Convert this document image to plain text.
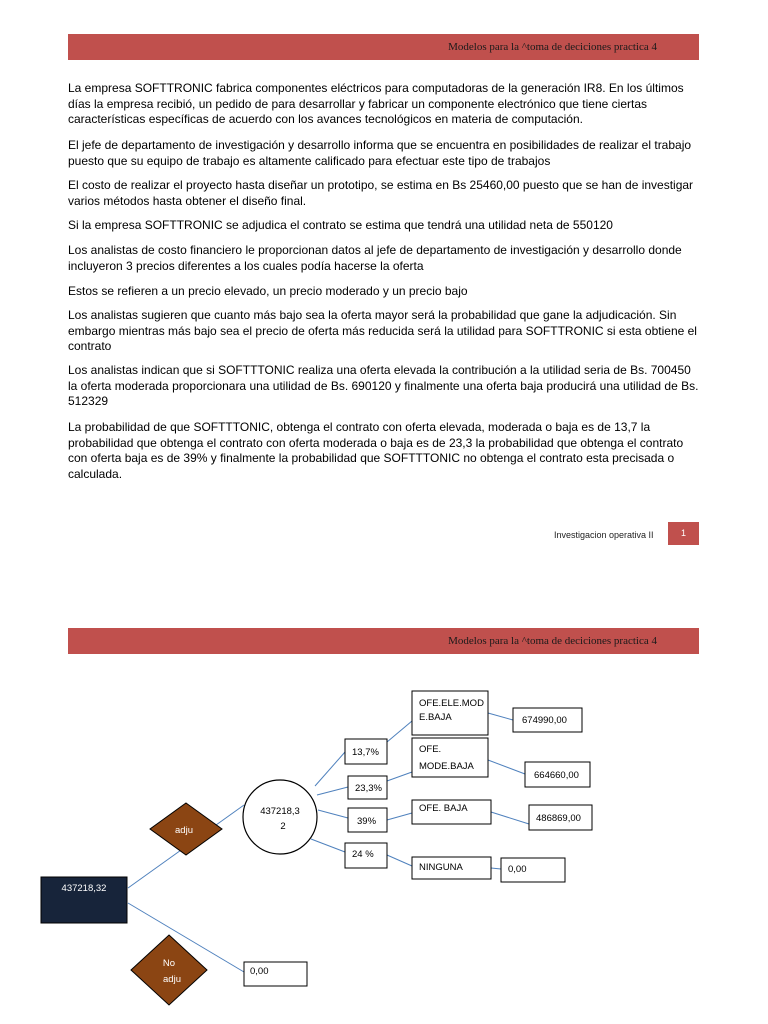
Modelos para la ^toma de deciciones practica 4

La empresa SOFTTRONIC fabrica componentes eléctricos para computadoras de la generación IR8. En los últimos días la empresa recibió, un pedido de para desarrollar y fabricar un componente electrónico que tiene ciertas características específicas de acuerdo con los avances tecnológicos en materia de computación.

El jefe de departamento de investigación y desarrollo informa que se encuentra en posibilidades de realizar el trabajo puesto que su equipo de trabajo es altamente calificado para efectuar este tipo de trabajos

El costo de realizar el proyecto hasta diseñar un prototipo, se estima en Bs 25460,00 puesto que se han de investigar varios métodos hasta obtener el diseño final.

Si la empresa SOFTTRONIC se adjudica el contrato se estima que tendrá una utilidad neta de 550120

Los analistas de costo financiero le proporcionan datos al jefe de departamento de investigación y desarrollo donde incluyeron 3 precios diferentes a los cuales podía hacerse la oferta

Estos se refieren a un precio elevado, un precio moderado y un precio bajo

Los analistas sugieren que cuanto más bajo sea la oferta mayor será la probabilidad que gane la adjudicación. Sin embargo mientras más bajo sea el precio de oferta más reducida será la utilidad para SOFTTRONIC si esta obtiene el contrato

Los analistas indican que si SOFTTTONIC realiza una oferta elevada la contribución a la utilidad seria de Bs. 700450 la oferta moderada proporcionara una utilidad de Bs. 690120 y finalmente una oferta baja producirá una utilidad de Bs. 512329

La probabilidad de que SOFTTTONIC, obtenga el contrato con oferta elevada, moderada o baja es de 13,7 la probabilidad que obtenga el contrato con oferta moderada o baja es de 23,3 la probabilidad que obtenga el contrato con oferta baja es de 39% y finalmente la probabilidad que SOFTTTONIC no obtenga el contrato esta precisada o calculada.

Investigacion operativa II	1
Modelos para la ^toma de deciciones practica 4
437218,32
adju
No
adju
0,00
437218,3
2
13,7%
23,3%
39%
24 %
OFE.ELE.MOD
E.BAJA
OFE.
MODE.BAJA
OFE. BAJA
NINGUNA
674990,00
664660,00
486869,00
0,00
